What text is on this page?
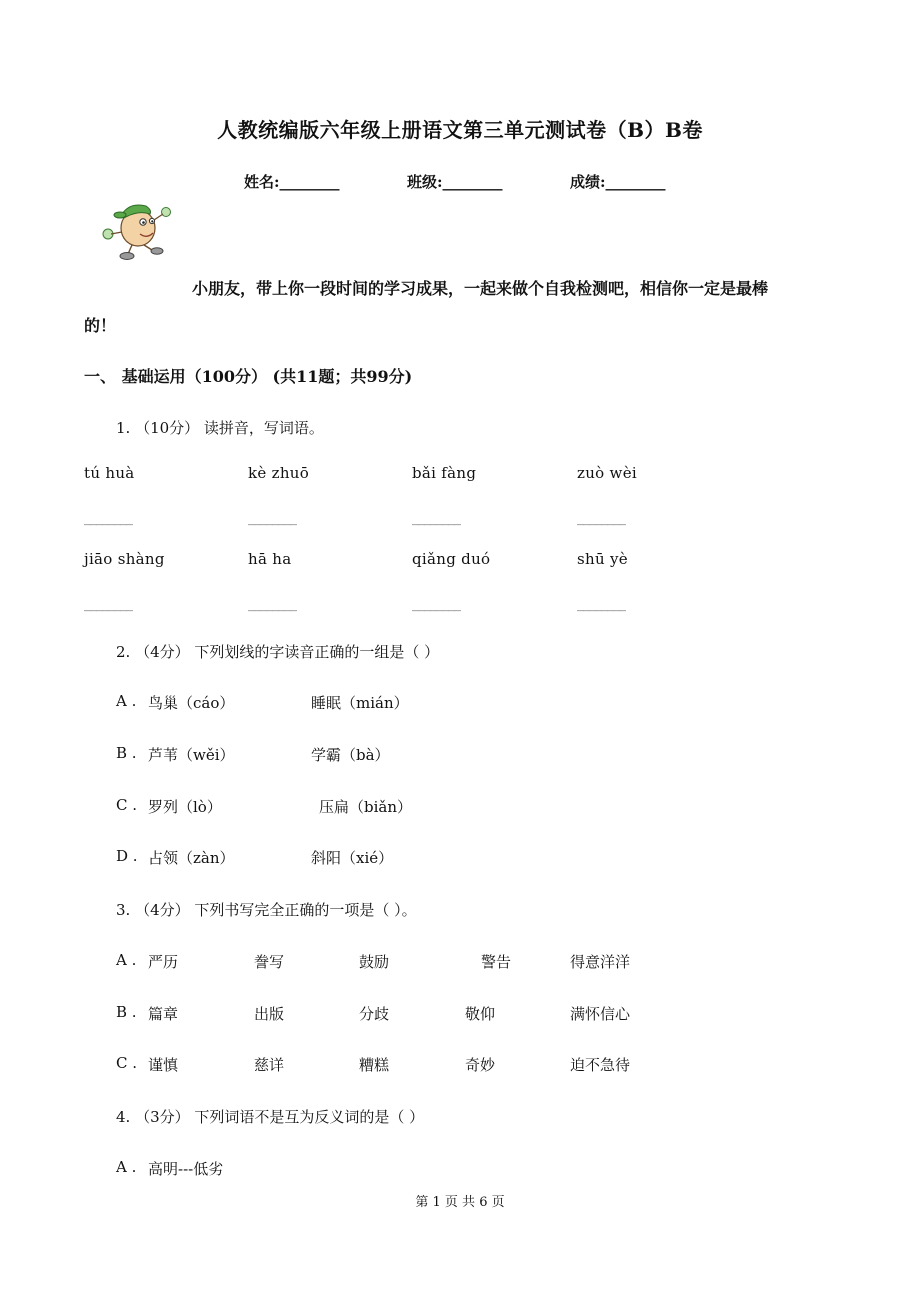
人教统编版六年级上册语文第三单元测试卷（B）B卷
姓名:________	班级:________	成绩:________
小朋友，带上你一段时间的学习成果，一起来做个自我检测吧，相信你一定是最棒
的！
一、 基础运用（100分） (共11题；共99分)
1. （10分） 读拼音，写词语。
tú huà	kè zhuō	bǎi fàng	zuò wèi
________	________	________	________
jiāo shàng	hā ha	qiǎng duó	shū yè
________	________	________	________
2. （4分） 下列划线的字读音正确的一组是（ ）
A . 鸟巢（cáo）	睡眠（mián）
B . 芦苇（wěi）	学霸（bà）
C . 罗列（lò）	压扁（biǎn）
D . 占领（zàn）	斜阳（xié）
3. （4分） 下列书写完全正确的一项是（ ）。
A . 严历	誊写	鼓励	警告	得意洋洋
B . 篇章	出版	分歧	敬仰	满怀信心
C . 谨慎	慈详	糟糕	奇妙	迫不急待
4. （3分） 下列词语不是互为反义词的是（ ）
A . 高明---低劣
第 1 页 共 6 页
